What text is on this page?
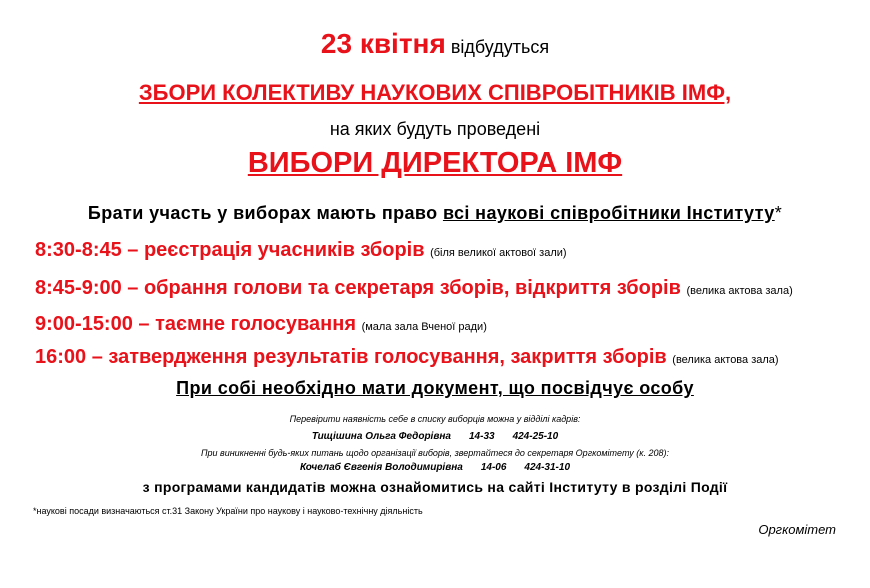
23 квітня відбудуться
ЗБОРИ КОЛЕКТИВУ НАУКОВИХ СПІВРОБІТНИКІВ ІМФ,
на яких будуть проведені
ВИБОРИ ДИРЕКТОРА ІМФ
Брати участь у виборах мають право всі наукові співробітники Інституту*
8:30-8:45 – реєстрація учасників зборів (біля великої актової зали)
8:45-9:00 – обрання голови та секретаря зборів, відкриття зборів (велика актова зала)
9:00-15:00 – таємне голосування (мала зала Вченої ради)
16:00 – затвердження результатів голосування, закриття зборів (велика актова зала)
При собі необхідно мати документ, що посвідчує особу
Перевірити наявність себе в списку виборців можна у відділі кадрів:
Тищішина Ольга Федорівна 14-33 424-25-10
При виникненні будь-яких питань щодо організації виборів, звертайтеся до секретаря Оргкомітету (к. 208):
Кочелаб Євгенія Володимирівна 14-06 424-31-10
з програмами кандидатів можна ознайомитись на сайті Інституту в розділі Події
*наукові посади визначаються ст.31 Закону України про наукову і науково-технічну діяльність
Оргкомітет
